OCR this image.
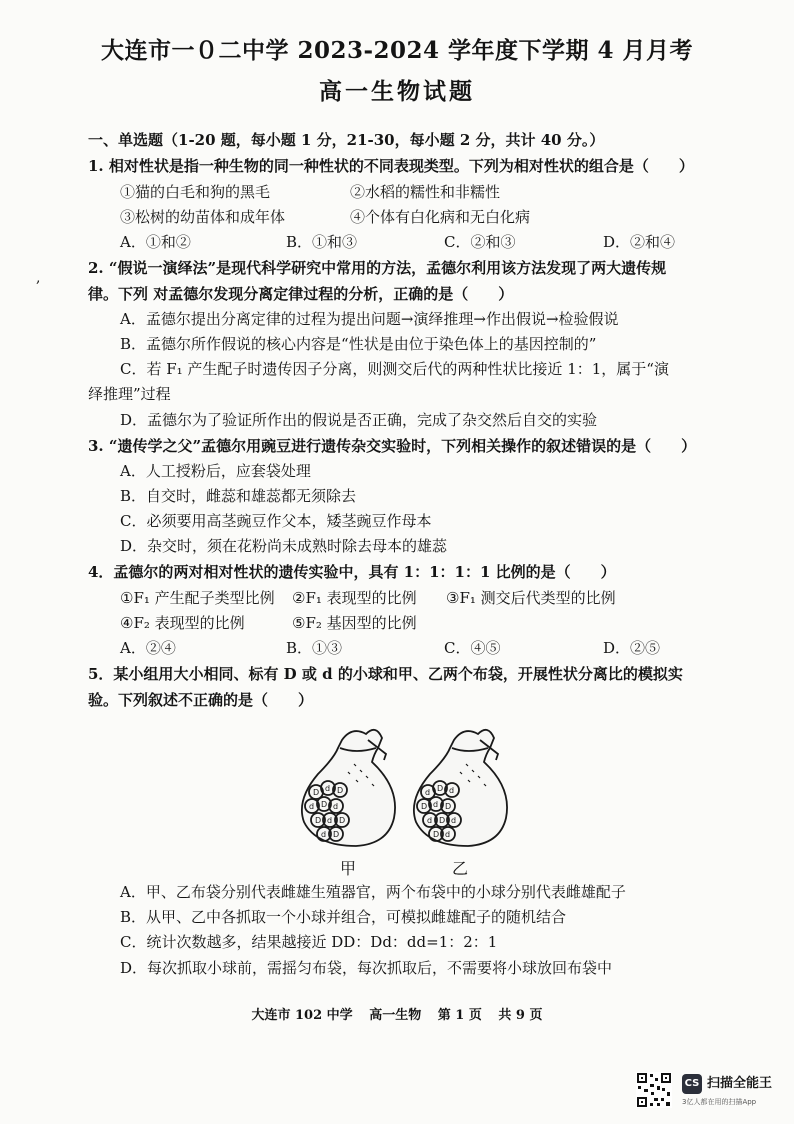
大连市一０二中学 2023-2024 学年度下学期 4 月月考
高一生物试题
一、单选题（1-20 题，每小题 1 分，21-30，每小题 2 分，共计 40 分。）
1. 相对性状是指一种生物的同一种性状的不同表现类型。下列为相对性状的组合是（　　）
①猫的白毛和狗的黑毛	②水稻的糯性和非糯性
③松树的幼苗体和成年体	④个体有白化病和无白化病
A．①和②	B．①和③	C．②和③	D．②和④
,
2. “假说一演绎法”是现代科学研究中常用的方法，孟德尔利用该方法发现了两大遗传规
律。下列 对孟德尔发现分离定律过程的分析，正确的是（　　）
A．孟德尔提出分离定律的过程为提出问题→演绎推理→作出假说→检验假说
B．孟德尔所作假说的核心内容是“性状是由位于染色体上的基因控制的”
C．若 F₁ 产生配子时遗传因子分离，则测交后代的两种性状比接近 1：1，属于“演
绎推理”过程
D．孟德尔为了验证所作出的假说是否正确，完成了杂交然后自交的实验
3. “遗传学之父”孟德尔用豌豆进行遗传杂交实验时，下列相关操作的叙述错误的是（　　）
A．人工授粉后，应套袋处理
B．自交时，雌蕊和雄蕊都无须除去
C．必须要用高茎豌豆作父本，矮茎豌豆作母本
D．杂交时，须在花粉尚未成熟时除去母本的雄蕊
4．孟德尔的两对相对性状的遗传实验中，具有 1：1：1：1 比例的是（　　）
①F₁ 产生配子类型比例 ②F₁ 表现型的比例 ③F₁ 测交后代类型的比例
④F₂ 表现型的比例	⑤F₂ 基因型的比例
A．②④	B．①③	C．④⑤	D．②⑤
5．某小组用大小相同、标有 D 或 d 的小球和甲、乙两个布袋，开展性状分离比的模拟实
验。下列叙述不正确的是（　　）
D d D
d D d
D d D
d D
d D d
D d D
d D d
D d
甲	乙
A．甲、乙布袋分别代表雌雄生殖器官，两个布袋中的小球分别代表雌雄配子
B．从甲、乙中各抓取一个小球并组合，可模拟雌雄配子的随机结合
C．统计次数越多，结果越接近 DD：Dd：dd=1：2：1
D．每次抓取小球前，需摇匀布袋，每次抓取后，不需要将小球放回布袋中
大连市 102 中学 高一生物 第 1 页 共 9 页
CS 扫描全能王
3亿人都在用的扫描App
